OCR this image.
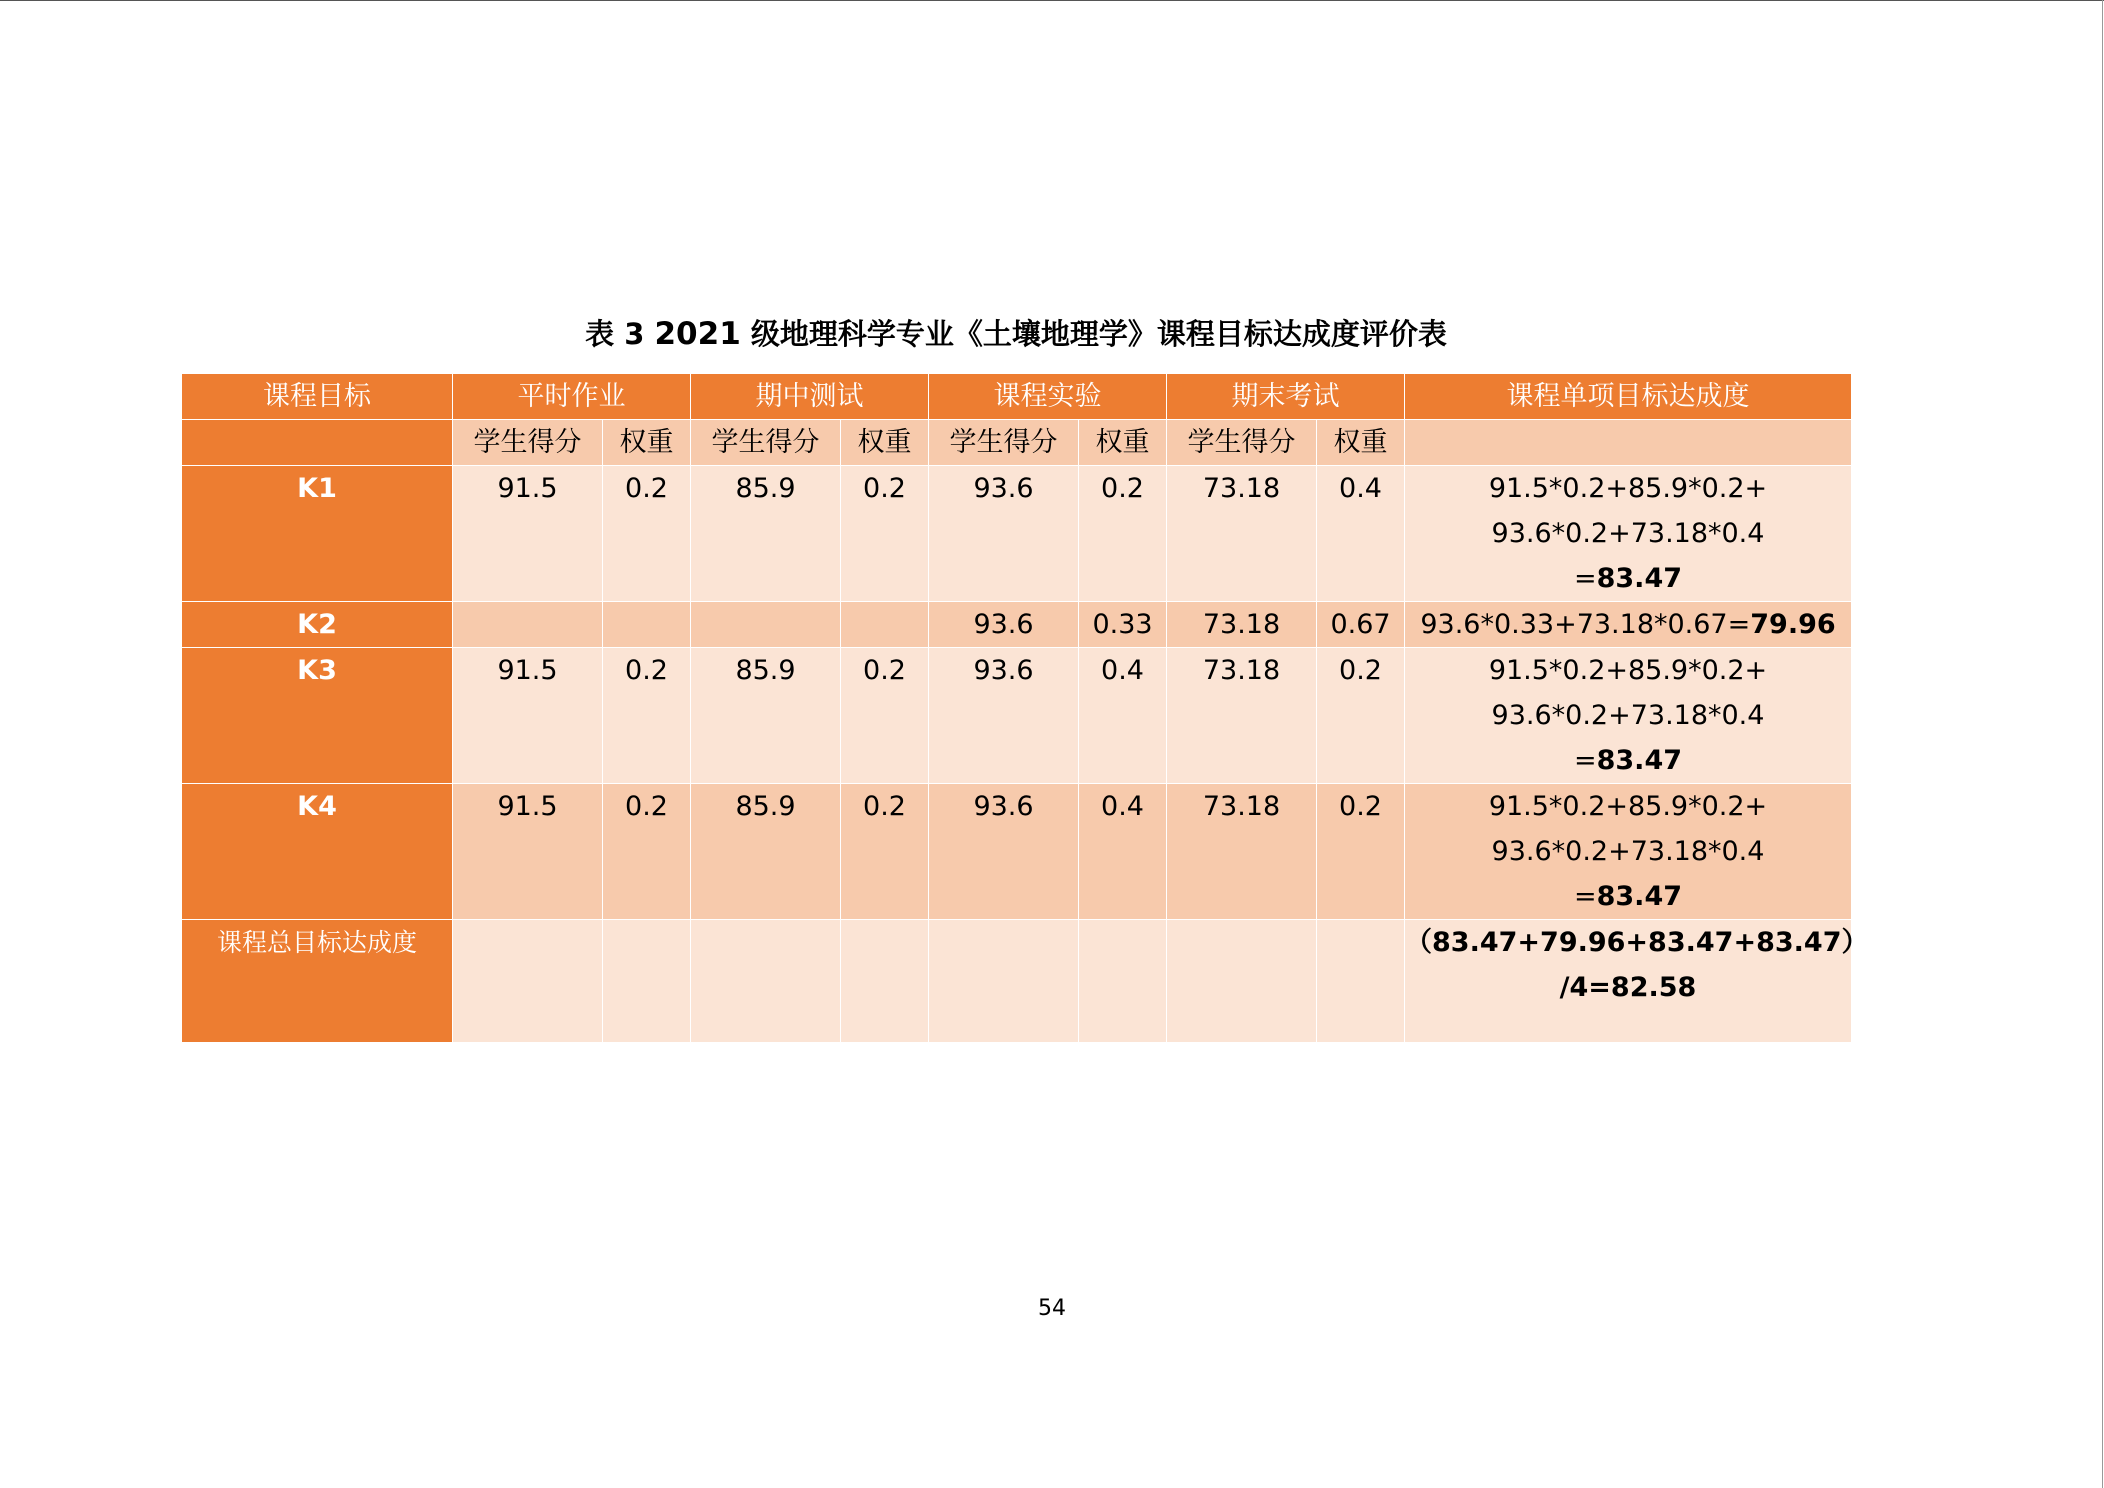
表 3 2021 级地理科学专业《土壤地理学》课程目标达成度评价表
课程目标	平时作业		期中测试		课程实验		期末考试		课程单项目标达成度
	学生得分	权重	学生得分	权重	学生得分	权重	学生得分	权重	
K1	91.5	0.2	85.9	0.2	93.6	0.2	73.18	0.4	91.5*0.2+85.9*0.2+
93.6*0.2+73.18*0.4
=83.47

K2					93.6	0.33	73.18	0.67	93.6*0.33+73.18*0.67=79.96
K3	91.5	0.2	85.9	0.2	93.6	0.4	73.18	0.2	91.5*0.2+85.9*0.2+
93.6*0.2+73.18*0.4
=83.47

K4	91.5	0.2	85.9	0.2	93.6	0.4	73.18	0.2	91.5*0.2+85.9*0.2+
93.6*0.2+73.18*0.4
=83.47

课程总目标达成度									（83.47+79.96+83.47+83.47）
/4=82.58
54
